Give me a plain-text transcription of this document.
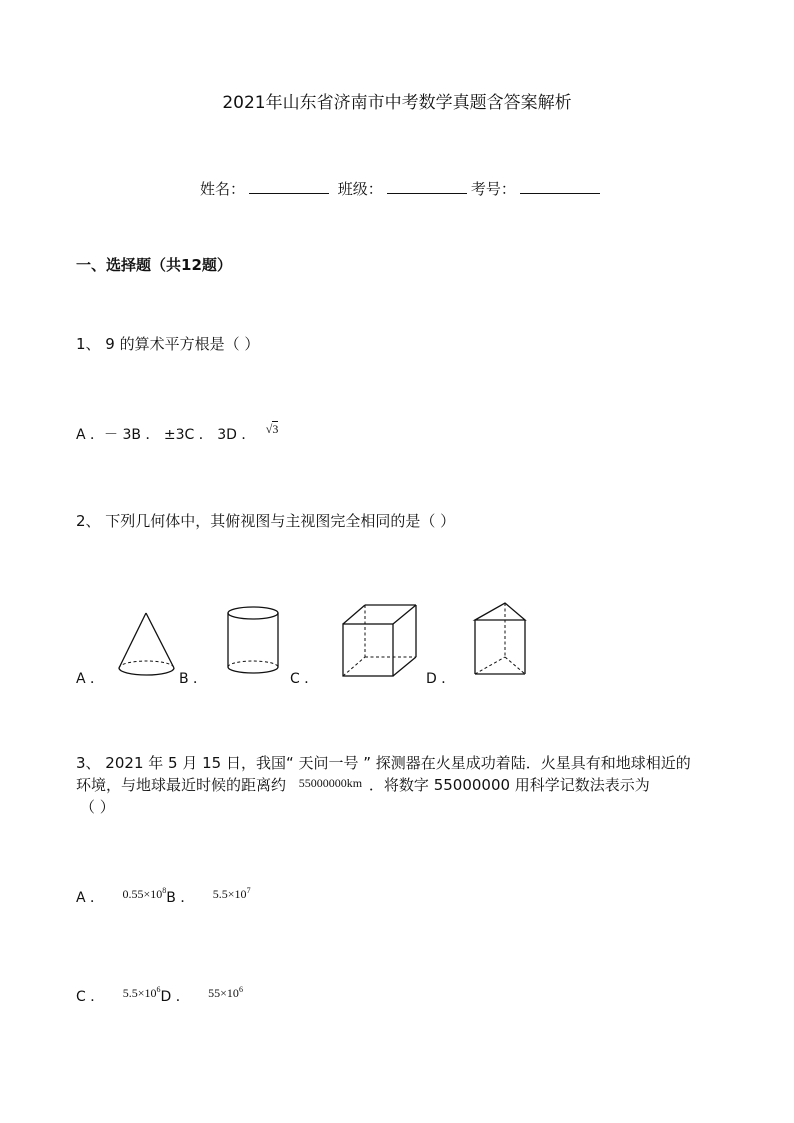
2021年山东省济南市中考数学真题含答案解析
姓名：	班级：	考号：
一、选择题（共12题）
1、 9 的算术平方根是（ ）
A ．－ 3B ． ±3C ． 3D ． √3
2、 下列几何体中，其俯视图与主视图完全相同的是（ ）
A ．	B ．	C ．	D ．
3、 2021 年 5 月 15 日，我国“ 天问一号 ” 探测器在火星成功着陆．火星具有和地球相近的
环境，与地球最近时候的距离约 $^{55000000km}$ ．将数字 55000000 用科学记数法表示为
（ ）
A ． $0.55\times 10^8B$ ． $5.5\times 10^7$
C ． $5.5\times 10^6D$ ． $55\times 10^6$
